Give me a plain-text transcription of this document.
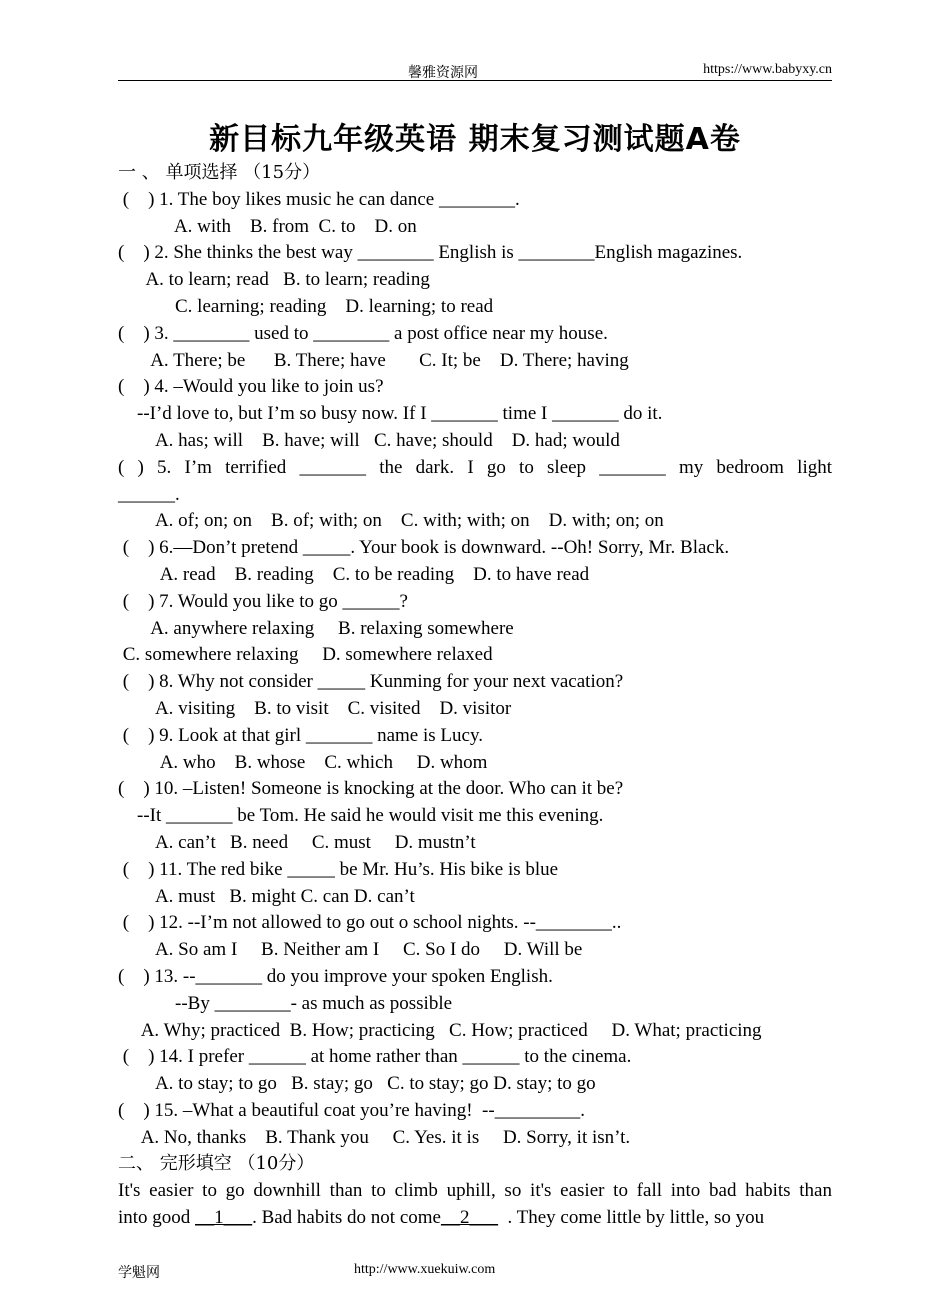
馨雅资源网	https://www.babyxy.cn
新目标九年级英语 期末复习测试题A卷
一 、 单项选择 （15分）
(    ) 1. The boy likes music he can dance ________.
A. with    B. from  C. to    D. on
(    ) 2. She thinks the best way ________ English is ________English magazines.
A. to learn; read   B. to learn; reading
C. learning; reading    D. learning; to read
(    ) 3. ________ used to ________ a post office near my house.
A. There; be      B. There; have       C. It; be    D. There; having
(    ) 4. –Would you like to join us?
--I’d love to, but I’m so busy now. If I _______ time I _______ do it.
A. has; will    B. have; will   C. have; should    D. had; would
( ) 5. I’m terrified _______ the dark. I go to sleep _______ my bedroom light
______.
A. of; on; on    B. of; with; on    C. with; with; on    D. with; on; on
(    ) 6.—Don’t pretend _____. Your book is downward. --Oh! Sorry, Mr. Black.
A. read    B. reading    C. to be reading    D. to have read
(    ) 7. Would you like to go ______?
A. anywhere relaxing     B. relaxing somewhere
C. somewhere relaxing     D. somewhere relaxed
(    ) 8. Why not consider _____ Kunming for your next vacation?
A. visiting    B. to visit    C. visited    D. visitor
(    ) 9. Look at that girl _______ name is Lucy.
A. who    B. whose    C. which     D. whom
(    ) 10. –Listen! Someone is knocking at the door. Who can it be?
--It _______ be Tom. He said he would visit me this evening.
A. can’t   B. need     C. must     D. mustn’t
(    ) 11. The red bike _____ be Mr. Hu’s. His bike is blue
A. must   B. might C. can D. can’t
(    ) 12. --I’m not allowed to go out o school nights. --________..
A. So am I     B. Neither am I     C. So I do     D. Will be
(    ) 13. --_______ do you improve your spoken English.
--By ________- as much as possible
A. Why; practiced  B. How; practicing   C. How; practiced     D. What; practicing
(    ) 14. I prefer ______ at home rather than ______ to the cinema.
A. to stay; to go   B. stay; go   C. to stay; go D. stay; to go
(    ) 15. –What a beautiful coat you’re having!  --_________.
A. No, thanks    B. Thank you     C. Yes. it is     D. Sorry, it isn’t.
二、 完形填空 （10分）
It's easier to go downhill than to climb uphill, so it's easier to fall into bad habits than
into good __1___. Bad habits do not come__2___  . They come little by little, so you
学魁网	http://www.xuekuiw.com
